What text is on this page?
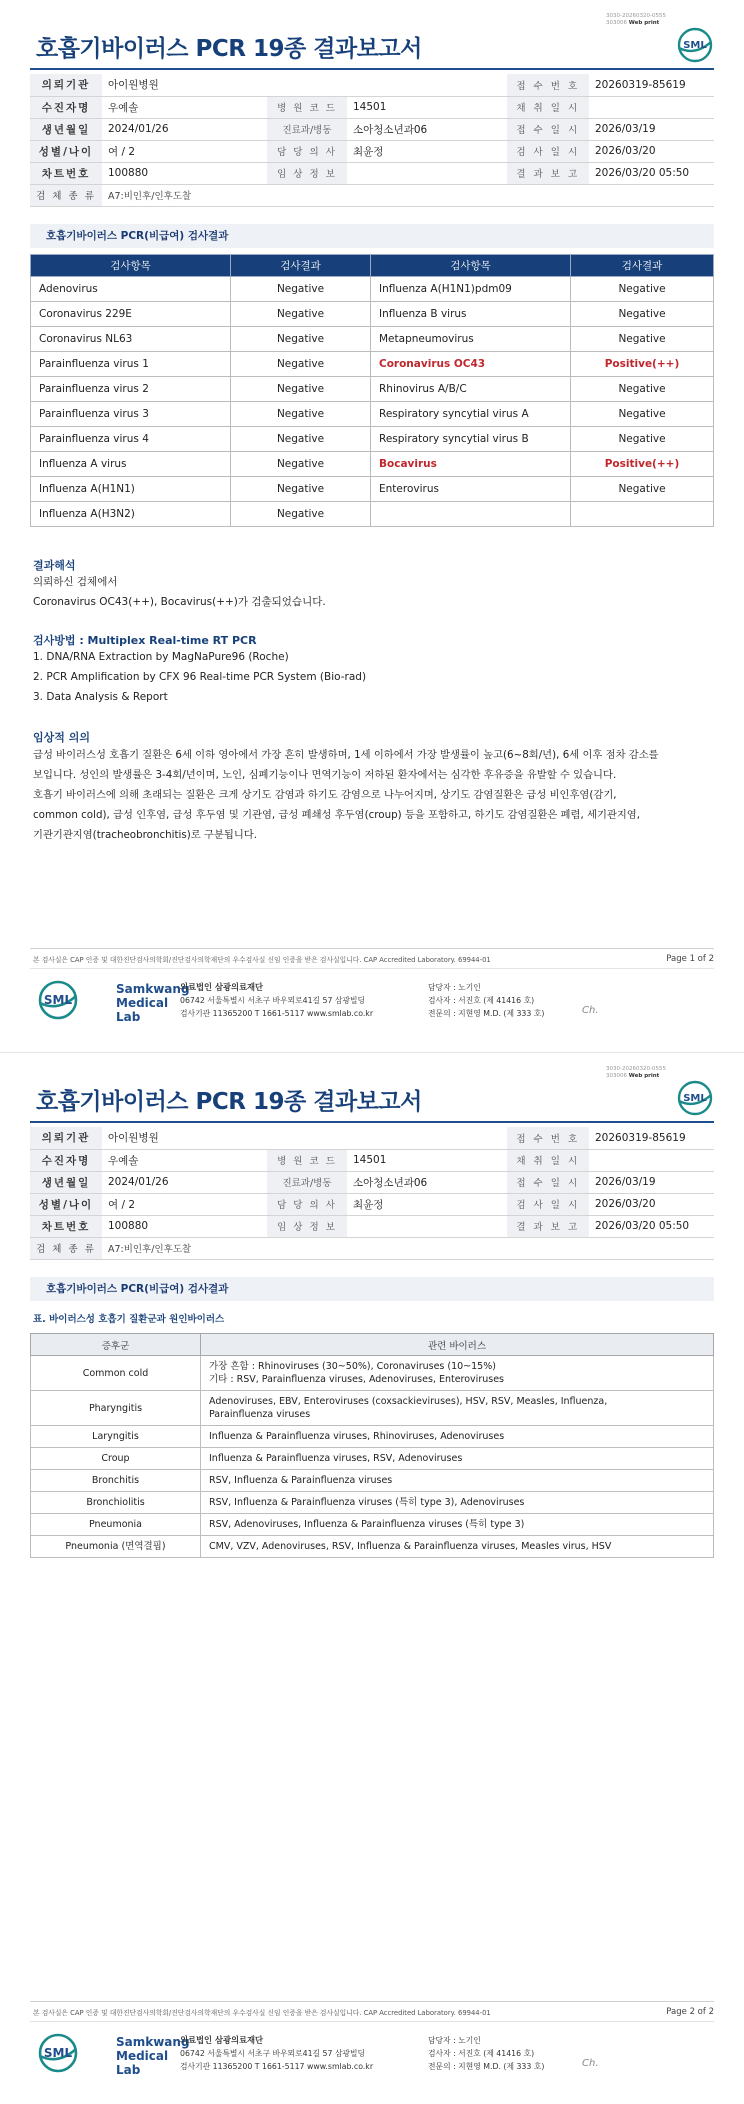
3030-20260320-0555
303006 Web print
호흡기바이러스 PCR 19종 결과보고서	SML
의뢰기관	아이원병원			접 수 번 호	20260319-85619
수진자명	우예솔	병 원 코 드	14501	채 취 일 시	
생년월일	2024/01/26	진료과/병동	소아청소년과06	접 수 일 시	2026/03/19
성별/나이	여 / 2	담 당 의 사	최윤정	검 사 일 시	2026/03/20
차트번호	100880	임 상 정 보		결 과 보 고	2026/03/20 05:50
검 체 종 류	A7:비인후/인후도찰				
호흡기바이러스 PCR(비급여) 검사결과
검사항목	검사결과	검사항목	검사결과
Adenovirus	Negative	Influenza A(H1N1)pdm09	Negative
Coronavirus 229E	Negative	Influenza B virus	Negative
Coronavirus NL63	Negative	Metapneumovirus	Negative
Parainfluenza virus 1	Negative	Coronavirus OC43	Positive(++)
Parainfluenza virus 2	Negative	Rhinovirus A/B/C	Negative
Parainfluenza virus 3	Negative	Respiratory syncytial virus A	Negative
Parainfluenza virus 4	Negative	Respiratory syncytial virus B	Negative
Influenza A virus	Negative	Bocavirus	Positive(++)
Influenza A(H1N1)	Negative	Enterovirus	Negative
Influenza A(H3N2)	Negative		
결과해석
의뢰하신 검체에서
Coronavirus OC43(++), Bocavirus(++)가 검출되었습니다.
검사방법 : Multiplex Real-time RT PCR
1. DNA/RNA Extraction by MagNaPure96 (Roche)
2. PCR Amplification by CFX 96 Real-time PCR System (Bio-rad)
3. Data Analysis & Report
임상적 의의
급성 바이러스성 호흡기 질환은 6세 이하 영아에서 가장 흔히 발생하며, 1세 이하에서 가장 발생률이 높고(6~8회/년), 6세 이후 점차 감소를
보입니다. 성인의 발생률은 3-4회/년이며, 노인, 심폐기능이나 면역기능이 저하된 환자에서는 심각한 후유증을 유발할 수 있습니다.
호흡기 바이러스에 의해 초래되는 질환은 크게 상기도 감염과 하기도 감염으로 나누어지며, 상기도 감염질환은 급성 비인후염(감기,
common cold), 급성 인후염, 급성 후두염 및 기관염, 급성 폐쇄성 후두염(croup) 등을 포함하고, 하기도 감염질환은 폐렴, 세기관지염,
기관기관지염(tracheobronchitis)로 구분됩니다.
본 검사실은 CAP 인증 및 대한진단검사의학회/진단검사의학재단의 우수검사실 신임 인증을 받은 검사실입니다. CAP Accredited Laboratory. 69944-01	Page 1 of 2
SML
Samkwang
Medical Lab
의료법인 삼광의료재단
06742 서울특별시 서초구 바우뫼로41길 57 삼광빌딩
검사기관 11365200 T 1661-5117 www.smlab.co.kr
담당자 : 노기인
검사자 : 서진호 (제 41416 호)
전문의 : 지현영 M.D. (제 333 호)	Ch.
3030-20260320-0555
303006 Web print
호흡기바이러스 PCR 19종 결과보고서	SML
의뢰기관	아이원병원			접 수 번 호	20260319-85619
수진자명	우예솔	병 원 코 드	14501	채 취 일 시	
생년월일	2024/01/26	진료과/병동	소아청소년과06	접 수 일 시	2026/03/19
성별/나이	여 / 2	담 당 의 사	최윤정	검 사 일 시	2026/03/20
차트번호	100880	임 상 정 보		결 과 보 고	2026/03/20 05:50
검 체 종 류	A7:비인후/인후도찰				
호흡기바이러스 PCR(비급여) 검사결과
표. 바이러스성 호흡기 질환군과 원인바이러스
증후군	관련 바이러스
Common cold	가장 흔함 : Rhinoviruses (30~50%), Coronaviruses (10~15%)
기타 : RSV, Parainfluenza viruses, Adenoviruses, Enteroviruses

Pharyngitis	Adenoviruses, EBV, Enteroviruses (coxsackieviruses), HSV, RSV, Measles, Influenza,
Parainfluenza viruses

Laryngitis	Influenza & Parainfluenza viruses, Rhinoviruses, Adenoviruses

Croup	Influenza & Parainfluenza viruses, RSV, Adenoviruses

Bronchitis	RSV, Influenza & Parainfluenza viruses

Bronchiolitis	RSV, Influenza & Parainfluenza viruses (특히 type 3), Adenoviruses

Pneumonia	RSV, Adenoviruses, Influenza & Parainfluenza viruses (특히 type 3)

Pneumonia (면역결핍)	CMV, VZV, Adenoviruses, RSV, Influenza & Parainfluenza viruses, Measles virus, HSV
본 검사실은 CAP 인증 및 대한진단검사의학회/진단검사의학재단의 우수검사실 신임 인증을 받은 검사실입니다. CAP Accredited Laboratory. 69944-01	Page 2 of 2
SML
Samkwang
Medical Lab
의료법인 삼광의료재단
06742 서울특별시 서초구 바우뫼로41길 57 삼광빌딩
검사기관 11365200 T 1661-5117 www.smlab.co.kr
담당자 : 노기인
검사자 : 서진호 (제 41416 호)
전문의 : 지현영 M.D. (제 333 호)	Ch.
